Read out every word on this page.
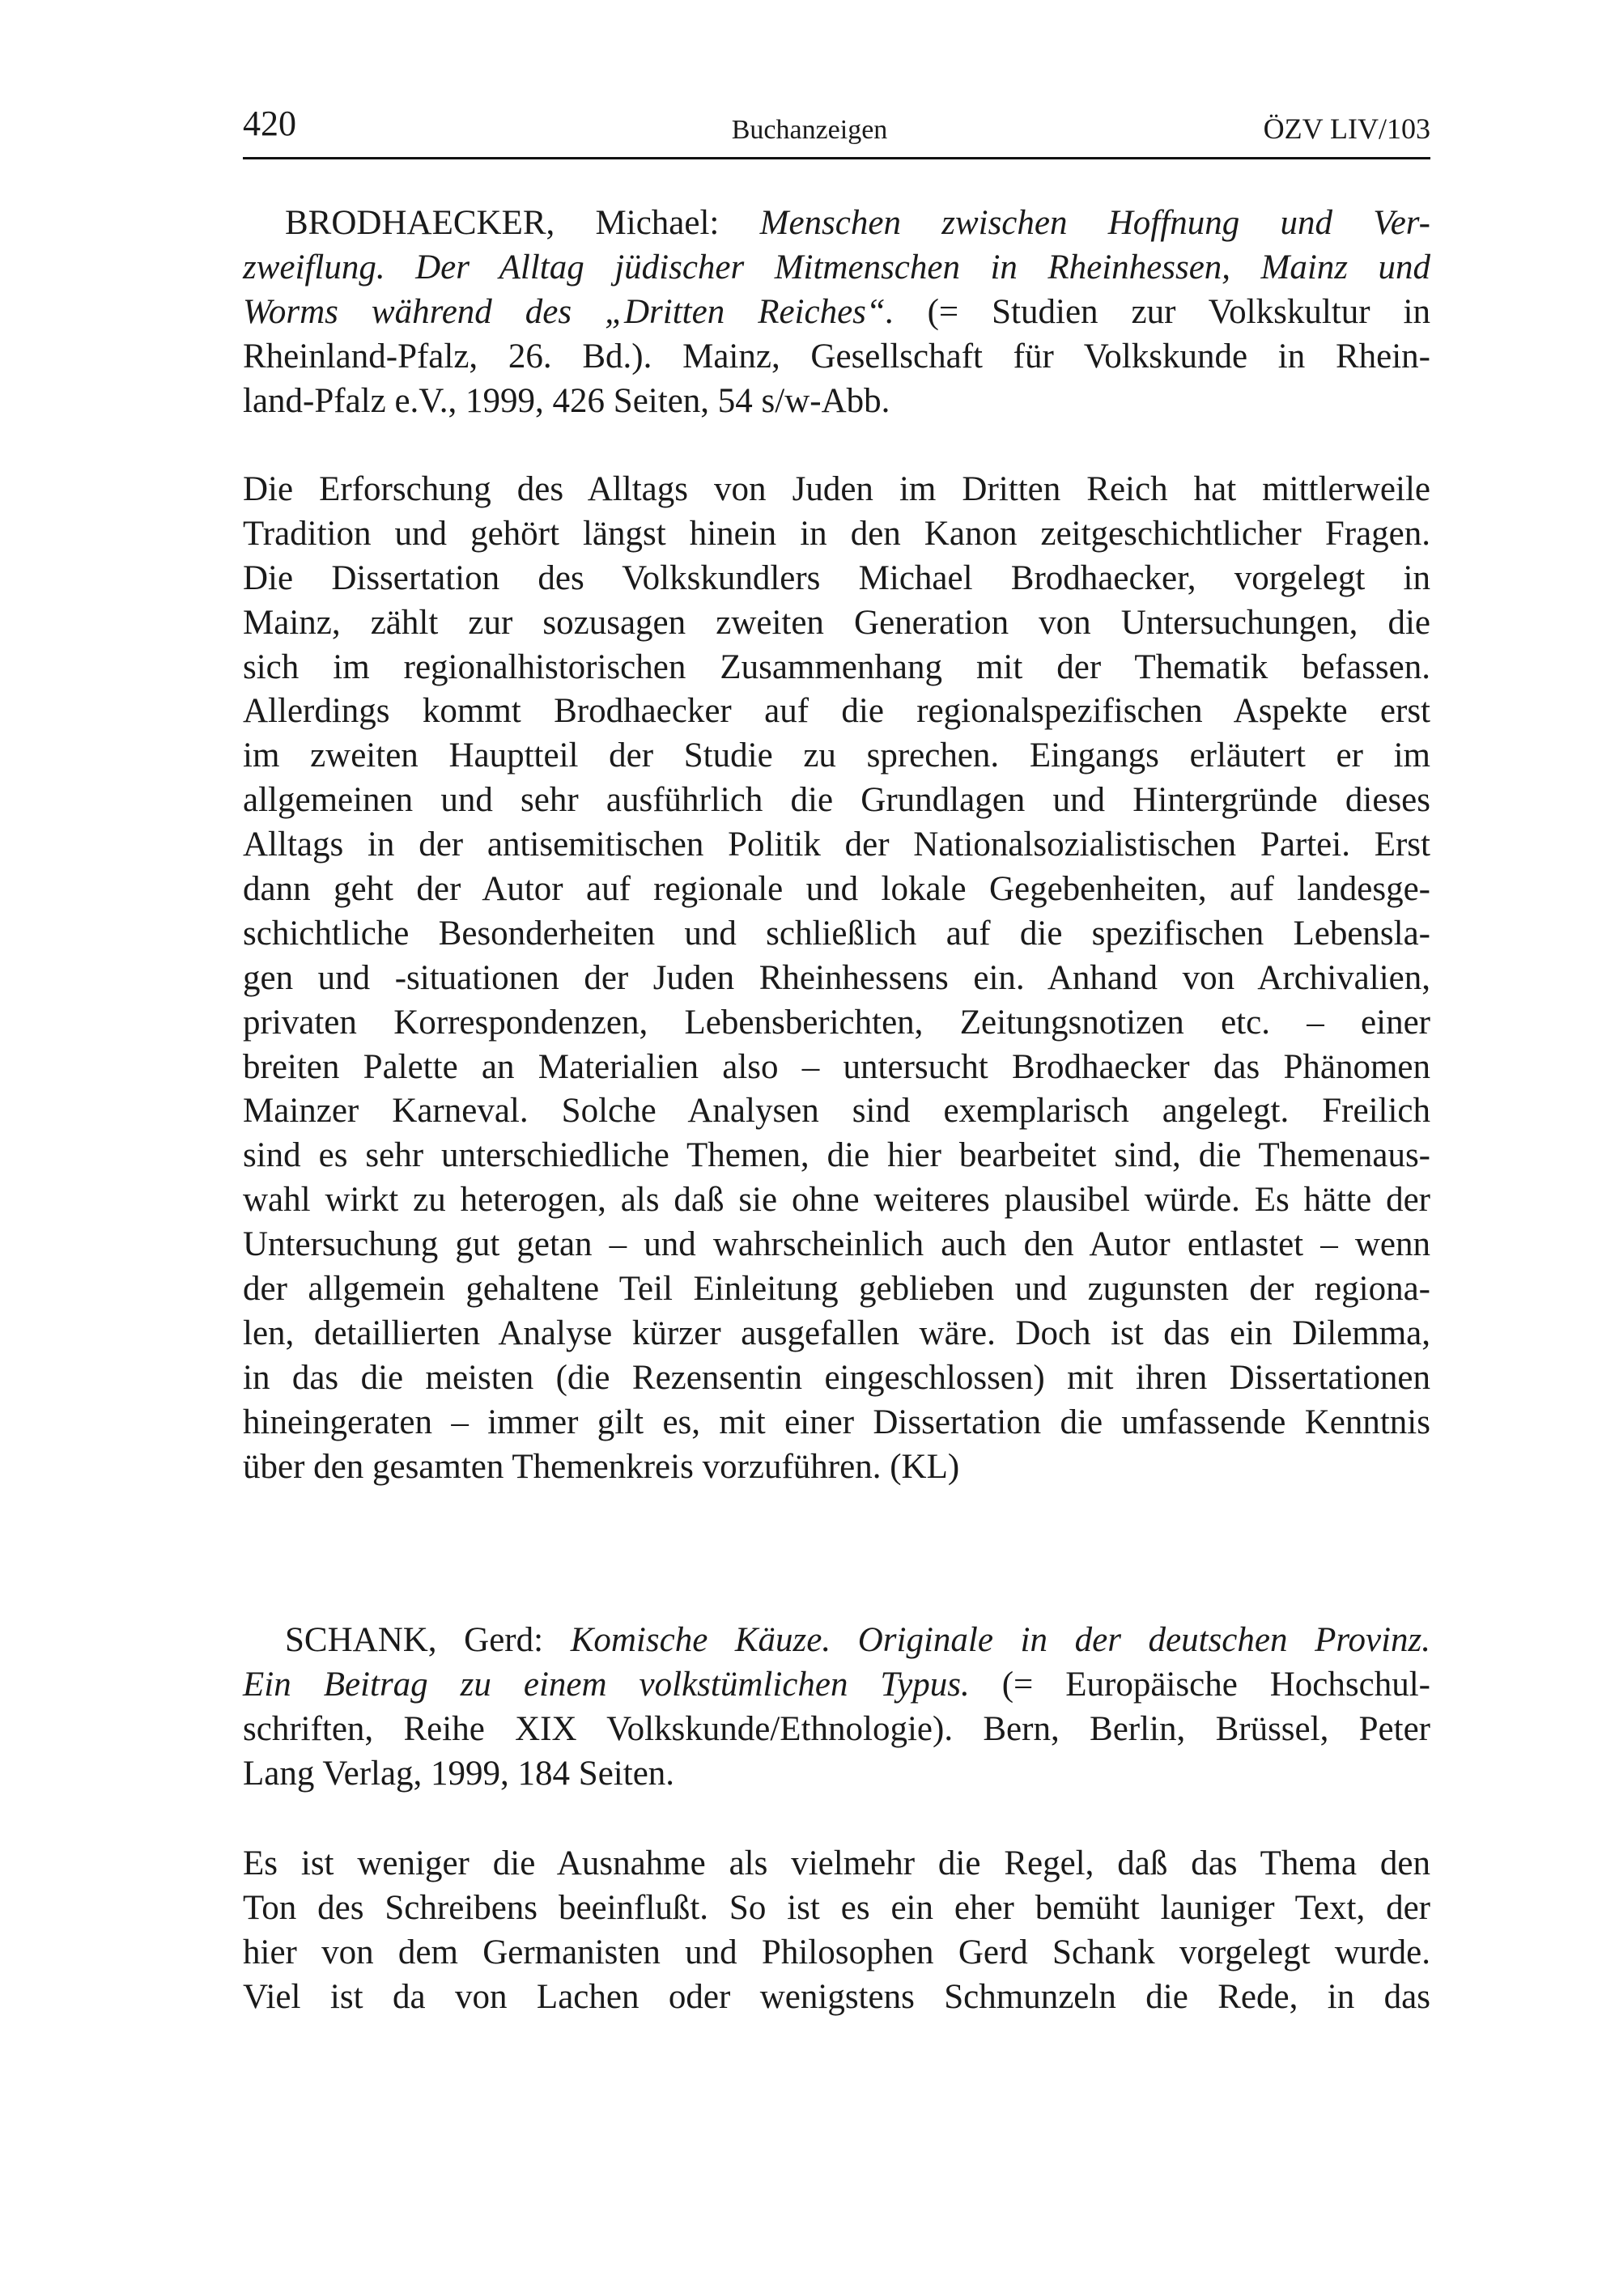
420	Buchanzeigen	ÖZV LIV/103
BRODHAECKER, Michael: Menschen zwischen Hoffnung und Ver-
zweiflung. Der Alltag jüdischer Mitmenschen in Rheinhessen, Mainz und
Worms während des „Dritten Reiches“. (= Studien zur Volkskultur in
Rheinland-Pfalz, 26. Bd.). Mainz, Gesellschaft für Volkskunde in Rhein-
land-Pfalz e.V., 1999, 426 Seiten, 54 s/w-Abb.
Die Erforschung des Alltags von Juden im Dritten Reich hat mittlerweile
Tradition und gehört längst hinein in den Kanon zeitgeschichtlicher Fragen.
Die Dissertation des Volkskundlers Michael Brodhaecker, vorgelegt in
Mainz, zählt zur sozusagen zweiten Generation von Untersuchungen, die
sich im regionalhistorischen Zusammenhang mit der Thematik befassen.
Allerdings kommt Brodhaecker auf die regionalspezifischen Aspekte erst
im zweiten Hauptteil der Studie zu sprechen. Eingangs erläutert er im
allgemeinen und sehr ausführlich die Grundlagen und Hintergründe dieses
Alltags in der antisemitischen Politik der Nationalsozialistischen Partei. Erst
dann geht der Autor auf regionale und lokale Gegebenheiten, auf landesge-
schichtliche Besonderheiten und schließlich auf die spezifischen Lebensla-
gen und -situationen der Juden Rheinhessens ein. Anhand von Archivalien,
privaten Korrespondenzen, Lebensberichten, Zeitungsnotizen etc. – einer
breiten Palette an Materialien also – untersucht Brodhaecker das Phänomen
Mainzer Karneval. Solche Analysen sind exemplarisch angelegt. Freilich
sind es sehr unterschiedliche Themen, die hier bearbeitet sind, die Themenaus-
wahl wirkt zu heterogen, als daß sie ohne weiteres plausibel würde. Es hätte der
Untersuchung gut getan – und wahrscheinlich auch den Autor entlastet – wenn
der allgemein gehaltene Teil Einleitung geblieben und zugunsten der regiona-
len, detaillierten Analyse kürzer ausgefallen wäre. Doch ist das ein Dilemma,
in das die meisten (die Rezensentin eingeschlossen) mit ihren Dissertationen
hineingeraten – immer gilt es, mit einer Dissertation die umfassende Kenntnis
über den gesamten Themenkreis vorzuführen. (KL)
SCHANK, Gerd: Komische Käuze. Originale in der deutschen Provinz.
Ein Beitrag zu einem volkstümlichen Typus. (= Europäische Hochschul-
schriften, Reihe XIX Volkskunde/Ethnologie). Bern, Berlin, Brüssel, Peter
Lang Verlag, 1999, 184 Seiten.
Es ist weniger die Ausnahme als vielmehr die Regel, daß das Thema den
Ton des Schreibens beeinflußt. So ist es ein eher bemüht launiger Text, der
hier von dem Germanisten und Philosophen Gerd Schank vorgelegt wurde.
Viel ist da von Lachen oder wenigstens Schmunzeln die Rede, in das
